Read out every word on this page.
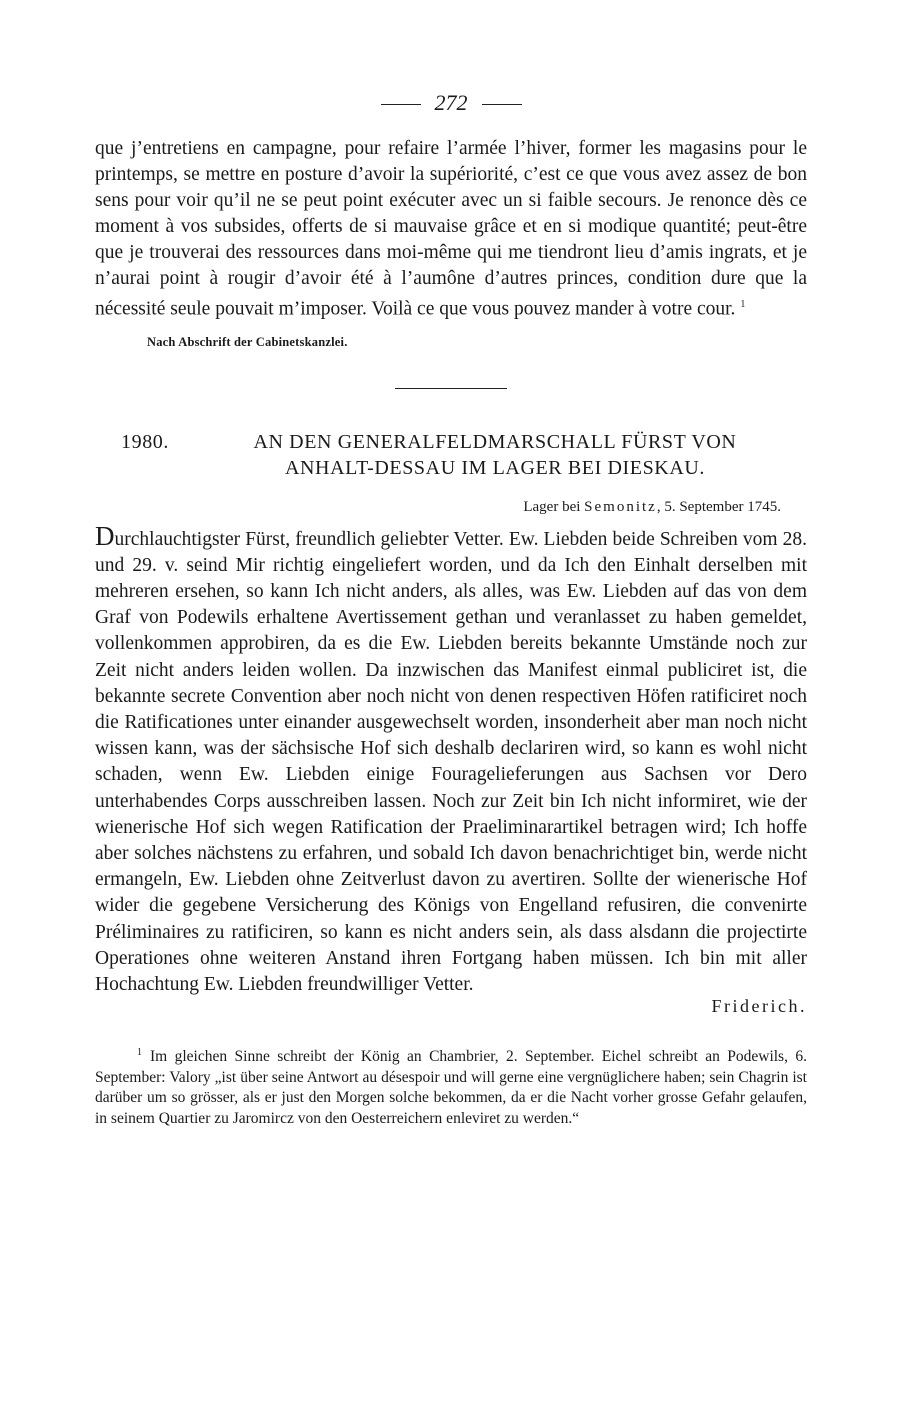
272

que j’entretiens en campagne, pour refaire l’armée l’hiver, former les magasins pour le printemps, se mettre en posture d’avoir la supériorité, c’est ce que vous avez assez de bon sens pour voir qu’il ne se peut point exécuter avec un si faible secours. Je renonce dès ce moment à vos subsides, offerts de si mauvaise grâce et en si modique quantité; peut-être que je trouverai des ressources dans moi-même qui me tiendront lieu d’amis ingrats, et je n’aurai point à rougir d’avoir été à l’aumône d’autres princes, condition dure que la nécessité seule pouvait m’imposer. Voilà ce que vous pouvez mander à votre cour. $^1$

Nach Abschrift der Cabinetskanzlei.
1980.	AN DEN GENERALFELDMARSCHALL FÜRST VON
ANHALT-DESSAU IM LAGER BEI DIESKAU.
Lager bei Semonitz, 5. September 1745.

Durchlauchtigster Fürst, freundlich geliebter Vetter. Ew. Liebden beide Schreiben vom 28. und 29. v. seind Mir richtig eingeliefert worden, und da Ich den Einhalt derselben mit mehreren ersehen, so kann Ich nicht anders, als alles, was Ew. Liebden auf das von dem Graf von Podewils erhaltene Avertissement gethan und veranlasset zu haben gemeldet, vollenkommen approbiren, da es die Ew. Liebden bereits bekannte Umstände noch zur Zeit nicht anders leiden wollen. Da inzwischen das Manifest einmal publiciret ist, die bekannte secrete Convention aber noch nicht von denen respectiven Höfen ratificiret noch die Ratificationes unter einander ausgewechselt worden, insonderheit aber man noch nicht wissen kann, was der sächsische Hof sich deshalb declariren wird, so kann es wohl nicht schaden, wenn Ew. Liebden einige Fouragelieferungen aus Sachsen vor Dero unterhabendes Corps ausschreiben lassen. Noch zur Zeit bin Ich nicht informiret, wie der wienerische Hof sich wegen Ratification der Praeliminarartikel betragen wird; Ich hoffe aber solches nächstens zu erfahren, und sobald Ich davon benachrichtiget bin, werde nicht ermangeln, Ew. Liebden ohne Zeitverlust davon zu avertiren. Sollte der wienerische Hof wider die gegebene Versicherung des Königs von Engelland refusiren, die convenirte Préliminaires zu ratificiren, so kann es nicht anders sein, als dass alsdann die projectirte Operationes ohne weiteren Anstand ihren Fortgang haben müssen. Ich bin mit aller Hochachtung Ew. Liebden freundwilliger Vetter.

Friderich.
$^1$ Im gleichen Sinne schreibt der König an Chambrier, 2. September. Eichel schreibt an Podewils, 6. September: Valory „ist über seine Antwort au désespoir und will gerne eine vergnüglichere haben; sein Chagrin ist darüber um so grösser, als er just den Morgen solche bekommen, da er die Nacht vorher grosse Gefahr gelaufen, in seinem Quartier zu Jaromircz von den Oesterreichern enleviret zu werden.“
